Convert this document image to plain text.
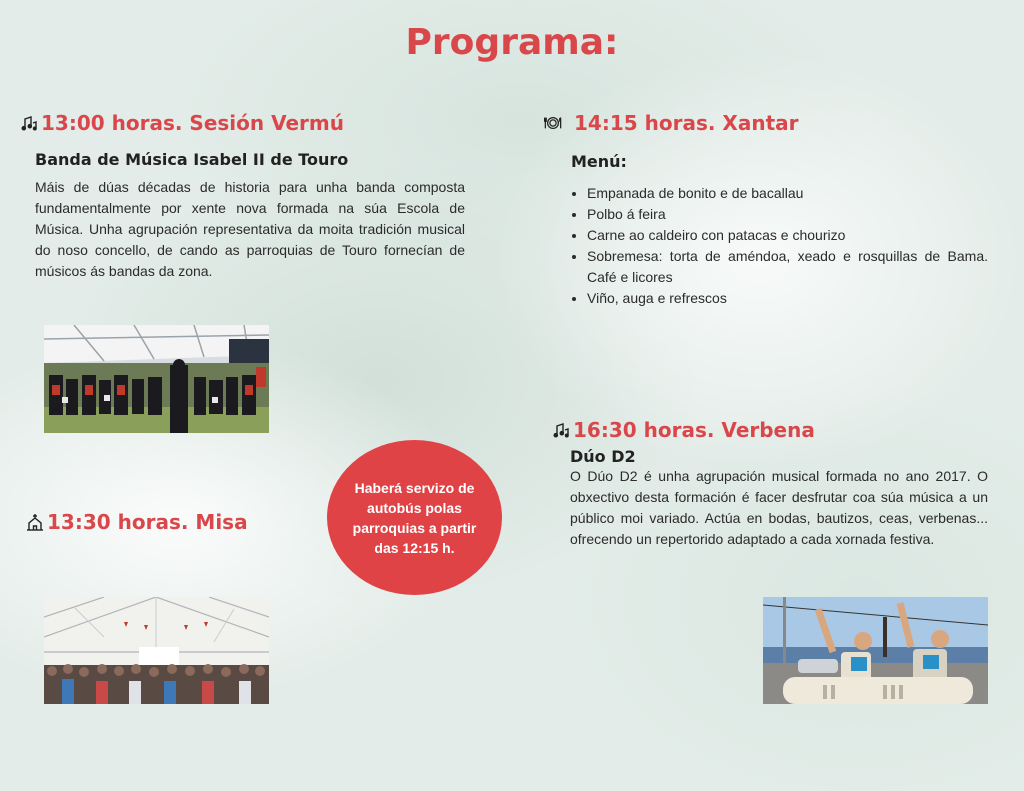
Programa:
13:00 horas. Sesión Vermú
Banda de Música Isabel II de Touro

Máis de dúas décadas de historia para unha banda composta fundamentalmente por xente nova formada na súa Escola de Música. Unha agrupación representativa da moita tradición musical do noso concello, de cando as parroquias de Touro fornecían de músicos ás bandas da zona.

13:30 horas. Misa
Haberá servizo de autobús polas parroquias a partir das 12:15 h.
14:15 horas. Xantar
Menú:
• Empanada de bonito e de bacallau
• Polbo á feira
• Carne ao caldeiro con patacas e chourizo
• Sobremesa: torta de améndoa, xeado e rosquillas de Bama. Café e licores
• Viño, auga e refrescos
16:30 horas. Verbena
Dúo D2

O Dúo D2 é unha agrupación musical formada no ano 2017. O obxectivo desta formación é facer desfrutar coa súa música a un público moi variado. Actúa en bodas, bautizos, ceas, verbenas... ofrecendo un repertorido adaptado a cada xornada festiva.
